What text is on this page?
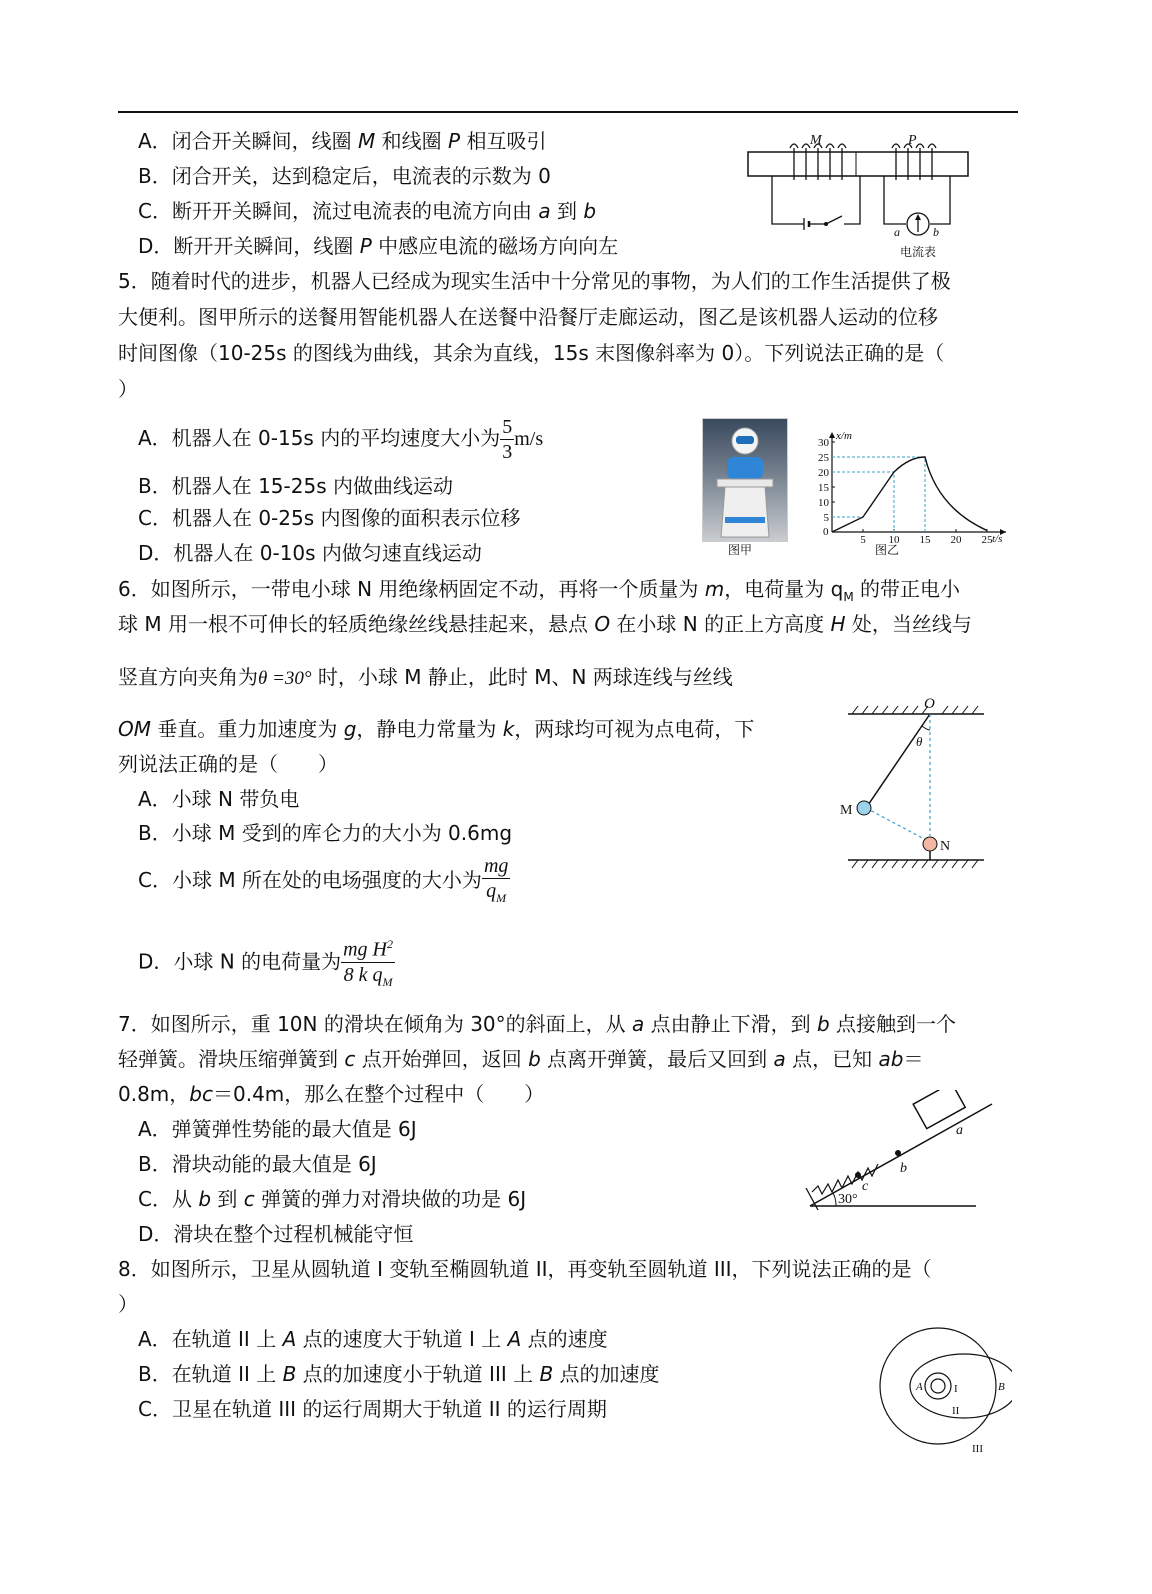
A．闭合开关瞬间，线圈 M 和线圈 P 相互吸引
B．闭合开关，达到稳定后，电流表的示数为 0
C．断开开关瞬间，流过电流表的电流方向由 a 到 b
D．断开开关瞬间，线圈 P 中感应电流的磁场方向向左
M	P
a	b
电流表
5．随着时代的进步，机器人已经成为现实生活中十分常见的事物，为人们的工作生活提供了极
大便利。图甲所示的送餐用智能机器人在送餐中沿餐厅走廊运动，图乙是该机器人运动的位移
时间图像（10-25s 的图线为曲线，其余为直线，15s 末图像斜率为 0）。下列说法正确的是（
）
A．机器人在 0-15s 内的平均速度大小为 $\frac{5}{3} m/s$
B．机器人在 15-25s 内做曲线运动
C．机器人在 0-25s 内图像的面积表示位移
D．机器人在 0-10s 内做匀速直线运动	图甲
x/m
t/s
0
5
10
15
20
25
30
5 10 15 20 25
图乙
6．如图所示，一带电小球 N 用绝缘柄固定不动，再将一个质量为 m，电荷量为 $q_M$ 的带正电小
球 M 用一根不可伸长的轻质绝缘丝线悬挂起来，悬点 O 在小球 N 的正上方高度 H 处，当丝线与
竖直方向夹角为θ =30° 时，小球 M 静止，此时 M、N 两球连线与丝线
OM 垂直。重力加速度为 g，静电力常量为 k，两球均可视为点电荷，下
列说法正确的是（　　）
A．小球 N 带负电
B．小球 M 受到的库仑力的大小为 0.6mg
C．小球 M 所在处的电场强度的大小为 $\frac{mg}{q_M}$
D．小球 N 的电荷量为 $\frac{mg H^2}{8 k q_M}$
O
θ
M
N
7．如图所示，重 10N 的滑块在倾角为 30°的斜面上，从 a 点由静止下滑，到 b 点接触到一个
轻弹簧。滑块压缩弹簧到 c 点开始弹回，返回 b 点离开弹簧，最后又回到 a 点，已知 ab＝
0.8m，bc＝0.4m，那么在整个过程中（　　）
A．弹簧弹性势能的最大值是 6J
B．滑块动能的最大值是 6J
C．从 b 到 c 弹簧的弹力对滑块做的功是 6J
D．滑块在整个过程机械能守恒
c
b
a
30°
8．如图所示，卫星从圆轨道 I 变轨至椭圆轨道 II，再变轨至圆轨道 III，下列说法正确的是（
）
A．在轨道 II 上 A 点的速度大于轨道 I 上 A 点的速度
B．在轨道 II 上 B 点的加速度小于轨道 III 上 B 点的加速度
C．卫星在轨道 III 的运行周期大于轨道 II 的运行周期
A	B
I
II
III
